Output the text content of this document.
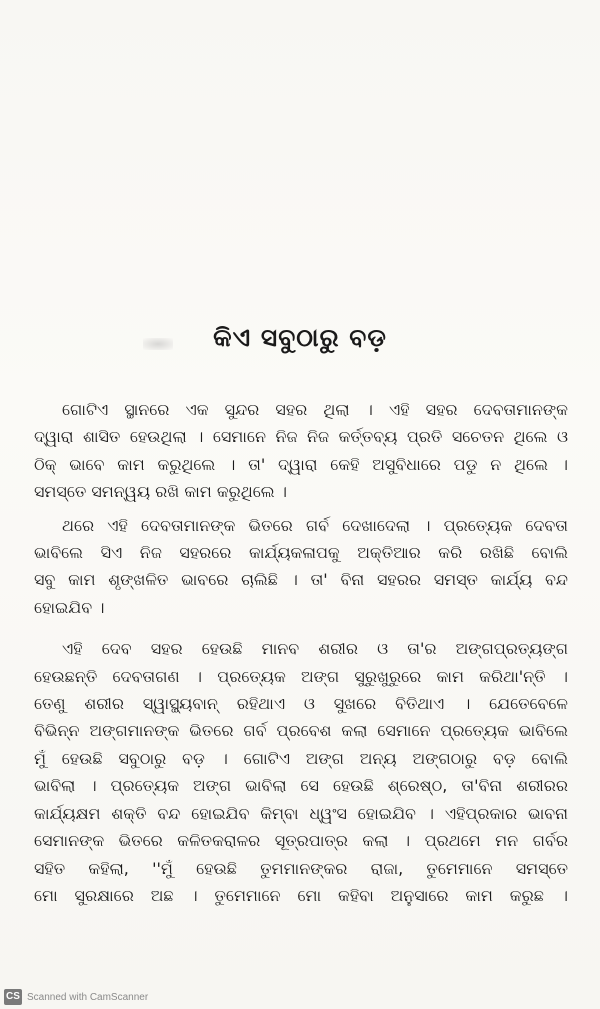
କିଏ ସବୁଠାରୁ ବଡ଼
ଗୋଟିଏ ସ୍ଥାନରେ ଏକ ସୁନ୍ଦର ସହର ଥିଲା । ଏହି ସହର ଦେବତାମାନଙ୍କ
ଦ୍ୱାରା ଶାସିତ ହେଉଥିଲା । ସେମାନେ ନିଜ ନିଜ କର୍ତ୍ତବ୍ୟ ପ୍ରତି ସଚେତନ ଥିଲେ ଓ
ଠିକ୍ ଭାବେ କାମ କରୁଥିଲେ । ତା' ଦ୍ୱାରା କେହି ଅସୁବିଧାରେ ପଡୁ ନ ଥିଲେ ।
ସମସ୍ତେ ସମନ୍ୱୟ ରଖି କାମ କରୁଥିଲେ ।
ଥରେ ଏହି ଦେବତାମାନଙ୍କ ଭିତରେ ଗର୍ବ ଦେଖାଦେଲା । ପ୍ରତ୍ୟେକ ଦେବତା
ଭାବିଲେ ସିଏ ନିଜ ସହରରେ କାର୍ଯ୍ୟକଳାପକୁ ଅକ୍ତିଆର କରି ରଖିଛି ବୋଲି
ସବୁ କାମ ଶୃଙ୍ଖଳିତ ଭାବରେ ଚାଲିଛି । ତା' ବିନା ସହରର ସମସ୍ତ କାର୍ଯ୍ୟ ବନ୍ଦ
ହୋଇଯିବ ।
ଏହି ଦେବ ସହର ହେଉଛି ମାନବ ଶରୀର ଓ ତା'ର ଅଙ୍ଗପ୍ରତ୍ୟଙ୍ଗ
ହେଉଛନ୍ତି ଦେବତାଗଣ । ପ୍ରତ୍ୟେକ ଅଙ୍ଗ ସୁରୁଖୁରୁରେ କାମ କରିଥା'ନ୍ତି ।
ତେଣୁ ଶରୀର ସ୍ୱାସ୍ଥ୍ୟବାନ୍ ରହିଥାଏ ଓ ସୁଖରେ ବିତିଥାଏ । ଯେତେବେଳେ
ବିଭିନ୍ନ ଅଙ୍ଗମାନଙ୍କ ଭିତରେ ଗର୍ବ ପ୍ରବେଶ କଲା ସେମାନେ ପ୍ରତ୍ୟେକ ଭାବିଲେ
ମୁଁ ହେଉଛି ସବୁଠାରୁ ବଡ଼ । ଗୋଟିଏ ଅଙ୍ଗ ଅନ୍ୟ ଅଙ୍ଗଠାରୁ ବଡ଼ ବୋଲି
ଭାବିଲା । ପ୍ରତ୍ୟେକ ଅଙ୍ଗ ଭାବିଲା ସେ ହେଉଛି ଶ୍ରେଷ୍ଠ, ତା'ବିନା ଶରୀରର
କାର୍ଯ୍ୟକ୍ଷମ ଶକ୍ତି ବନ୍ଦ ହୋଇଯିବ କିମ୍ବା ଧ୍ୱଂସ ହୋଇଯିବ । ଏହିପ୍ରକାର ଭାବନା
ସେମାନଙ୍କ ଭିତରେ କଳିତକରାଳର ସୂତ୍ରପାତ୍ର କଲା । ପ୍ରଥମେ ମନ ଗର୍ବର
ସହିତ କହିଲା, ''ମୁଁ ହେଉଛି ତୁମମାନଙ୍କର ରାଜା, ତୁମେମାନେ ସମସ୍ତେ
ମୋ ସୁରକ୍ଷାରେ ଅଛ । ତୁମେମାନେ ମୋ କହିବା ଅନୁସାରେ କାମ କରୁଛ ।
CS Scanned with CamScanner
